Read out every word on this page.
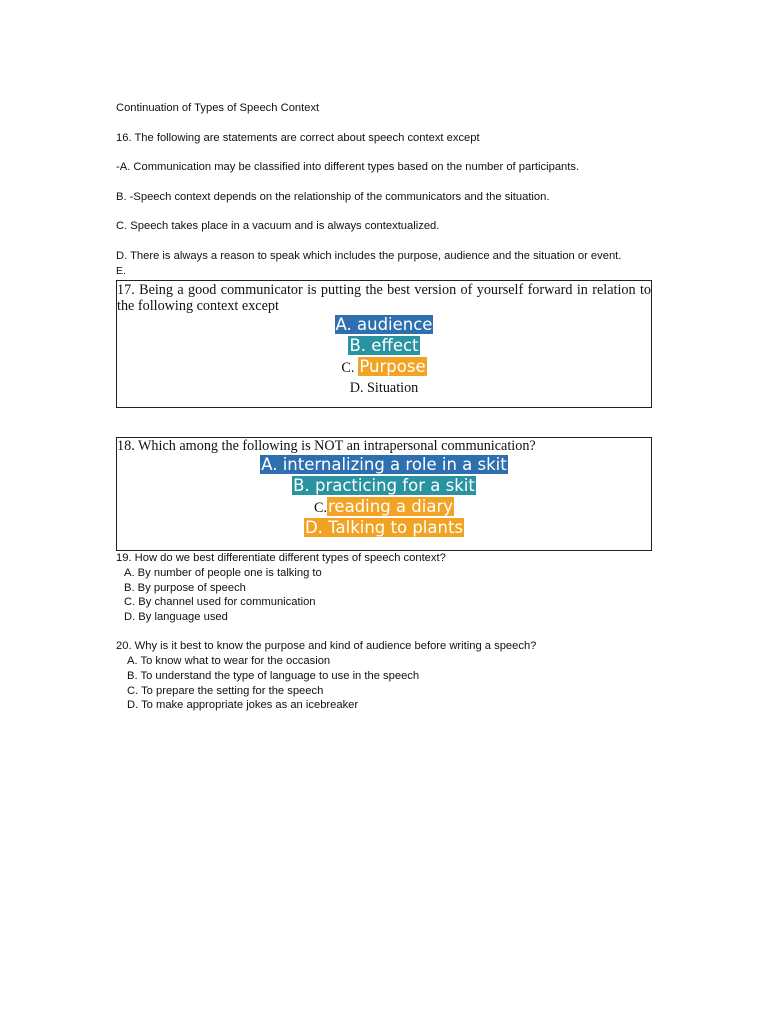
Continuation of Types of Speech Context
16. The following are statements are correct about speech context except
-A. Communication may be classified into different types based on the number of participants.
B. -Speech context depends on the relationship of the communicators and the situation.
C. Speech takes place in a vacuum and is always contextualized.
D. There is always a reason to speak which includes the purpose, audience and the situation or event.
E.
17. Being a good communicator is putting the best version of yourself forward in relation to the following context except
A. audience
B. effect
C. Purpose
D. Situation
18. Which among the following is NOT an intrapersonal communication?
A. internalizing a role in a skit
B. practicing for a skit
C.reading a diary
D. Talking to plants
19. How do we best differentiate different types of speech context?
A. By number of people one is talking to
B. By purpose of speech
C. By channel used for communication
D. By language used
20. Why is it best to know the purpose and kind of audience before writing a speech?
A. To know what to wear for the occasion
B. To understand the type of language to use in the speech
C. To prepare the setting for the speech
D. To make appropriate jokes as an icebreaker
